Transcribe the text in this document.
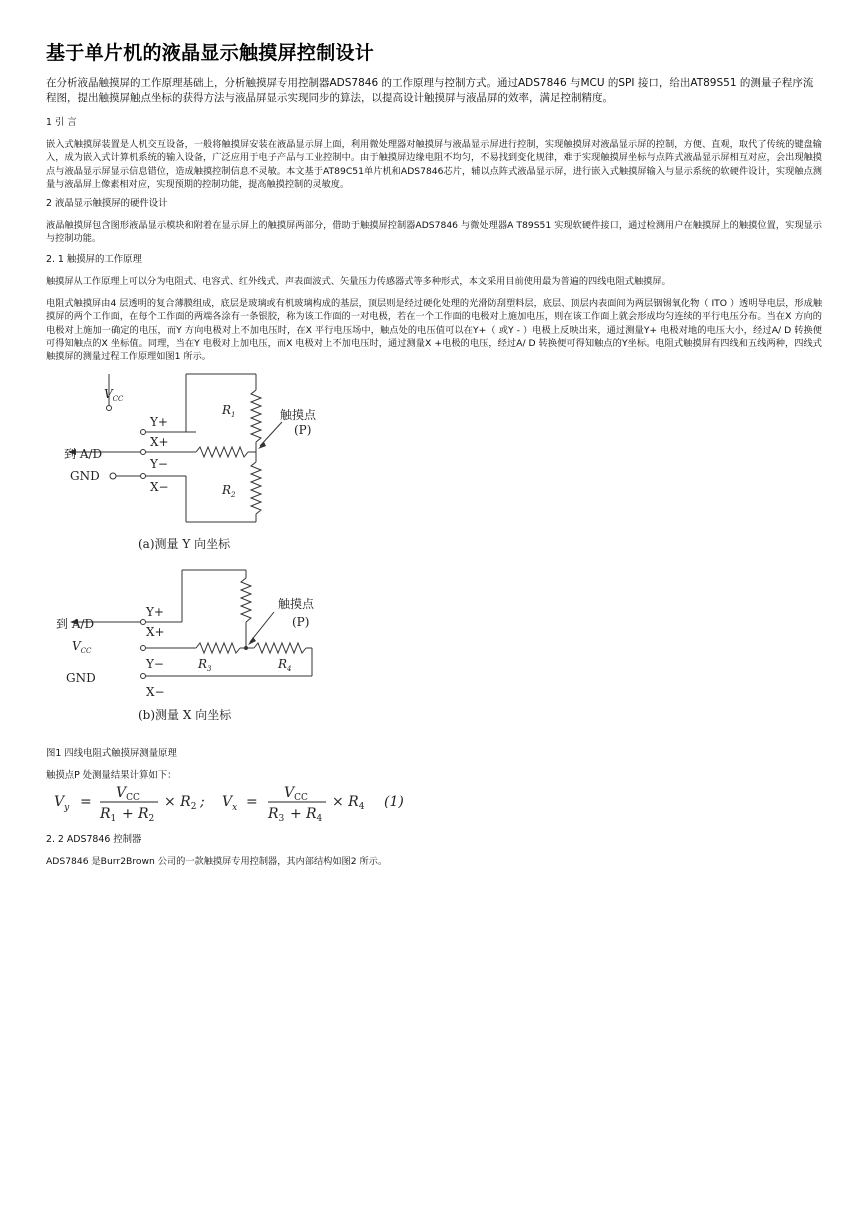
基于单片机的液晶显示触摸屏控制设计

在分析液晶触摸屏的工作原理基础上，分析触摸屏专用控制器ADS7846 的工作原理与控制方式。通过ADS7846 与MCU 的SPI 接口，给出AT89S51 的测量子程序流程图，提出触摸屏触点坐标的获得方法与液晶屏显示实现同步的算法，以提高设计触摸屏与液晶屏的效率，满足控制精度。

1 引 言

嵌入式触摸屏装置是人机交互设备，一般将触摸屏安装在液晶显示屏上面，利用微处理器对触摸屏与液晶显示屏进行控制，实现触摸屏对液晶显示屏的控制，方便、直观，取代了传统的键盘输入，成为嵌入式计算机系统的输入设备，广泛应用于电子产品与工业控制中。由于触摸屏边缘电阻不均匀，不易找到变化规律，难于实现触摸屏坐标与点阵式液晶显示屏相互对应，会出现触摸点与液晶显示屏显示信息错位，造成触摸控制信息不灵敏。本文基于AT89C51单片机和ADS7846芯片，辅以点阵式液晶显示屏，进行嵌入式触摸屏输入与显示系统的软硬件设计，实现触点测量与液晶屏上像素相对应，实现预期的控制功能，提高触摸控制的灵敏度。

2 液晶显示触摸屏的硬件设计

液晶触摸屏包含图形液晶显示模块和附着在显示屏上的触摸屏两部分，借助于触摸屏控制器ADS7846 与微处理器A T89S51 实现软硬件接口，通过检测用户在触摸屏上的触摸位置，实现显示与控制功能。

2. 1 触摸屏的工作原理

触摸屏从工作原理上可以分为电阻式、电容式、红外线式、声表面波式、矢量压力传感器式等多种形式，本文采用目前使用最为普遍的四线电阻式触摸屏。

电阻式触摸屏由4 层透明的复合薄膜组成，底层是玻璃或有机玻璃构成的基层，顶层则是经过硬化处理的光滑防刮塑料层，底层、顶层内表面间为两层铟锡氧化物（ ITO ）透明导电层，形成触摸屏的两个工作面，在每个工作面的两端各涂有一条银胶，称为该工作面的一对电极，若在一个工作面的电极对上施加电压，则在该工作面上就会形成均匀连续的平行电压分布。当在X 方向的电极对上施加一确定的电压，而Y 方向电极对上不加电压时，在X 平行电压场中，触点处的电压值可以在Y+（ 或Y - ）电极上反映出来，通过测量Y+ 电极对地的电压大小，经过A/ D 转换便可得知触点的X 坐标值。同理，当在Y 电极对上加电压，而X 电极对上不加电压时，通过测量X +电极的电压，经过A/ D 转换便可得知触点的Y坐标。电阻式触摸屏有四线和五线两种，四线式触摸屏的测量过程工作原理如图1 所示。

$V_{CC}$
Y+
X+
到 A/D
Y−
GND
X−
$R_1$
$R_2$
触摸点
(P)
(a)测量 Y 向坐标
Y+
到 A/D
X+
$V_{CC}$
Y−	$R_3$	$R_4$
GND
X−
触摸点
(P)
(b)测量 X 向坐标

图1 四线电阻式触摸屏测量原理

触摸点P 处测量结果计算如下：

$V_y$ =
$V_{CC}$
$R_1 + R_2$
× $R_2$ ; $V_x$ =
$V_{CC}$
$R_3 + R_4$
× $R_4$ (1)

2. 2 ADS7846 控制器

ADS7846 是Burr2Brown 公司的一款触摸屏专用控制器，其内部结构如图2 所示。
